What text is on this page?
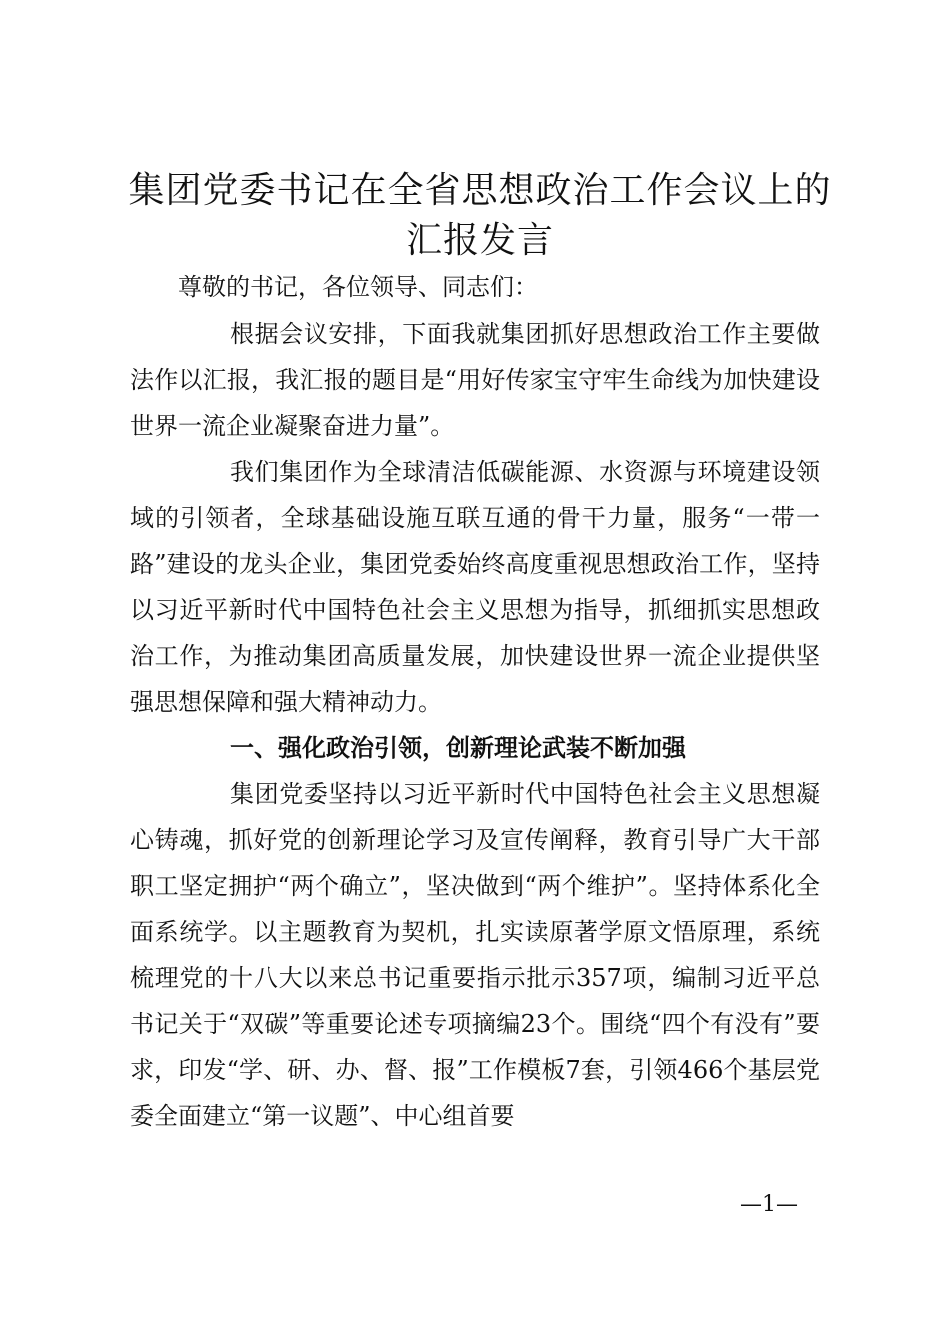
集团党委书记在全省思想政治工作会议上的汇报发言

尊敬的书记，各位领导、同志们：

根据会议安排，下面我就集团抓好思想政治工作主要做法作以汇报，我汇报的题目是“用好传家宝守牢生命线为加快建设世界一流企业凝聚奋进力量”。

我们集团作为全球清洁低碳能源、水资源与环境建设领域的引领者，全球基础设施互联互通的骨干力量，服务“一带一路”建设的龙头企业，集团党委始终高度重视思想政治工作，坚持以习近平新时代中国特色社会主义思想为指导，抓细抓实思想政治工作，为推动集团高质量发展，加快建设世界一流企业提供坚强思想保障和强大精神动力。

一、强化政治引领，创新理论武装不断加强

集团党委坚持以习近平新时代中国特色社会主义思想凝心铸魂，抓好党的创新理论学习及宣传阐释，教育引导广大干部职工坚定拥护“两个确立”，坚决做到“两个维护”。坚持体系化全面系统学。以主题教育为契机，扎实读原著学原文悟原理，系统梳理党的十八大以来总书记重要指示批示357项，编制习近平总书记关于“双碳”等重要论述专项摘编23个。围绕“四个有没有”要求，印发“学、研、办、督、报”工作模板7套，引领466个基层党委全面建立“第一议题”、中心组首要

—1—
